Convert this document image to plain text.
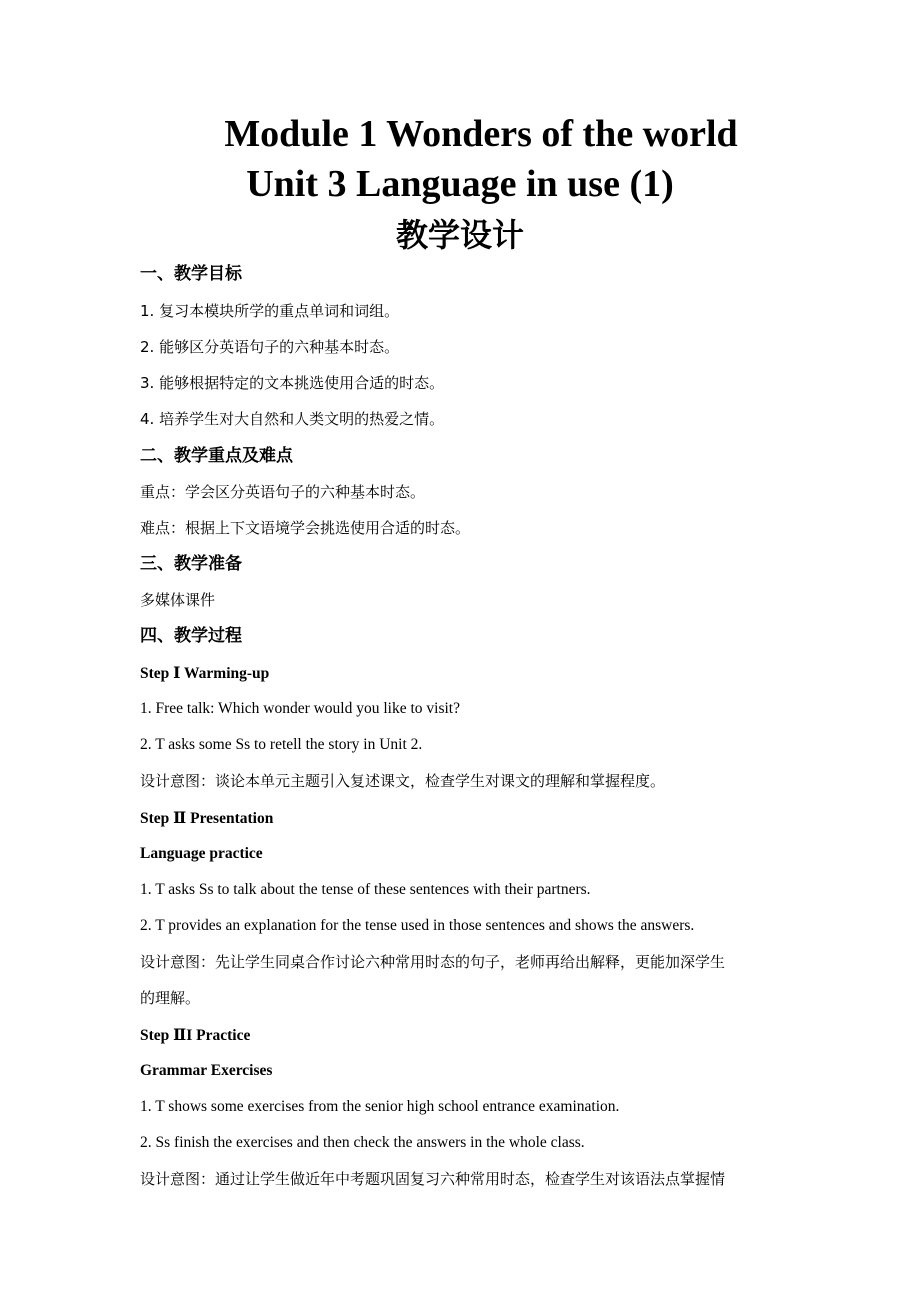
Module 1 Wonders of the world
Unit 3 Language in use (1)
教学设计
一、教学目标
1. 复习本模块所学的重点单词和词组。
2. 能够区分英语句子的六种基本时态。
3. 能够根据特定的文本挑选使用合适的时态。
4. 培养学生对大自然和人类文明的热爱之情。
二、教学重点及难点
重点：学会区分英语句子的六种基本时态。
难点：根据上下文语境学会挑选使用合适的时态。
三、教学准备
多媒体课件
四、教学过程
Step Ⅰ Warming-up
1. Free talk: Which wonder would you like to visit?
2. T asks some Ss to retell the story in Unit 2.
设计意图：谈论本单元主题引入复述课文，检查学生对课文的理解和掌握程度。
Step Ⅱ Presentation
Language practice
1. T asks Ss to talk about the tense of these sentences with their partners.
2. T provides an explanation for the tense used in those sentences and shows the answers.
设计意图：先让学生同桌合作讨论六种常用时态的句子，老师再给出解释，更能加深学生
的理解。
Step ⅡI Practice
Grammar Exercises
1. T shows some exercises from the senior high school entrance examination.
2. Ss finish the exercises and then check the answers in the whole class.
设计意图：通过让学生做近年中考题巩固复习六种常用时态，检查学生对该语法点掌握情
